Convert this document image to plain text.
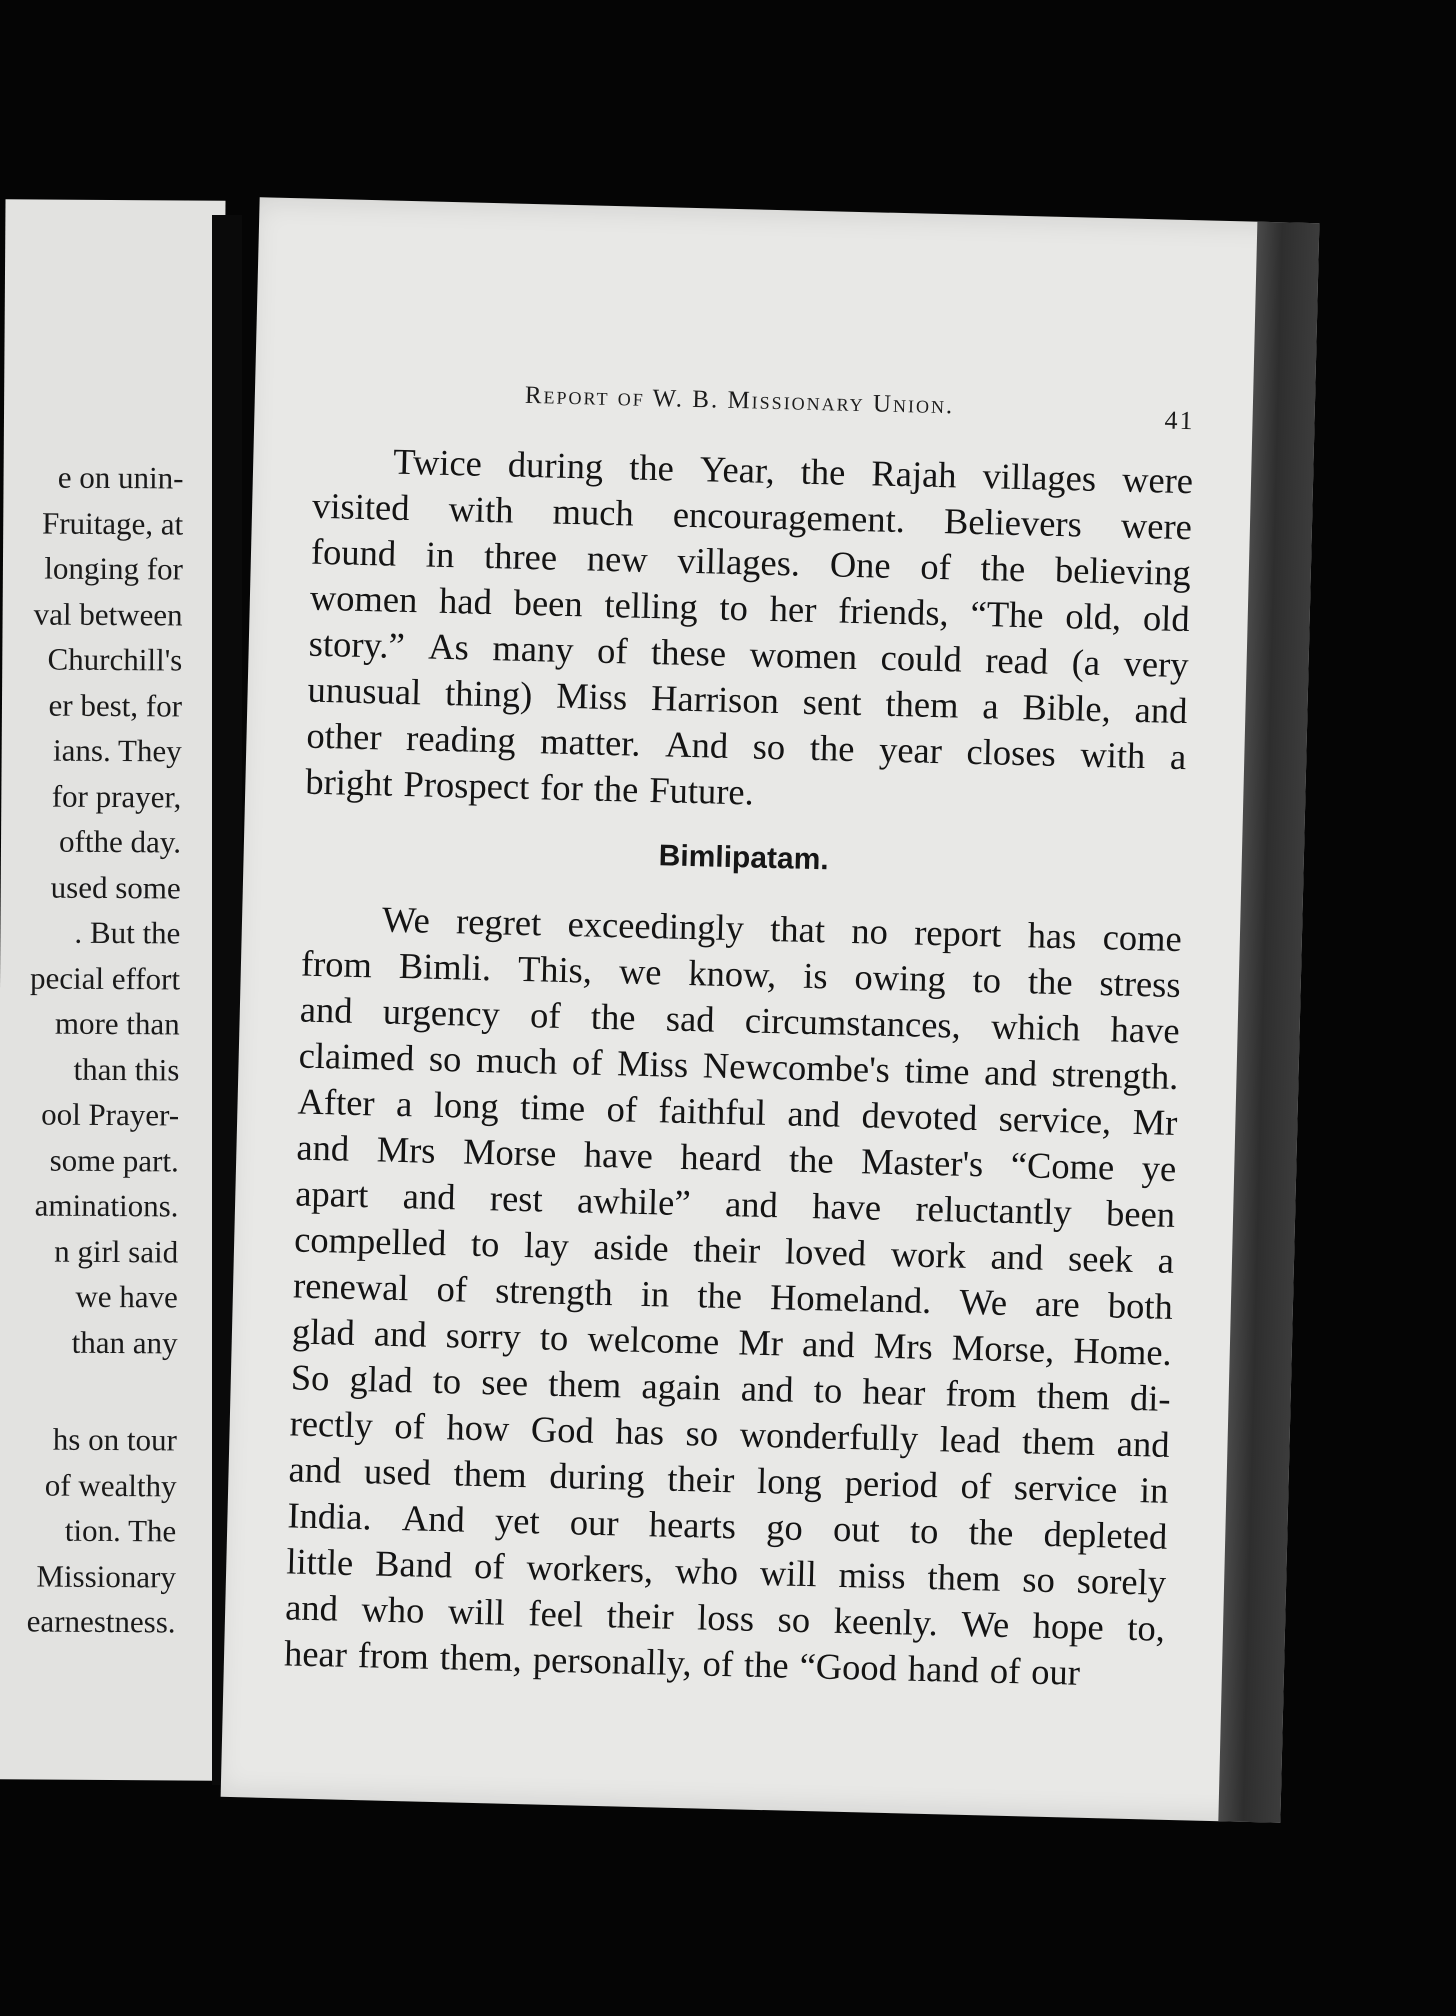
e on unin-
Fruitage, at
longing for
val between
Churchill's
er best, for
ians. They
for prayer,
ofthe day.
used some
. But the
pecial effort
more than
than this
ool Prayer-
some part.
aminations.
n girl said
we have
than any
hs on tour
of wealthy
tion. The
Missionary
earnestness.
Report of W. B. Missionary Union.
41
Twice during the Year, the Rajah villages were
visited with much encouragement. Believers were
found in three new villages. One of the believing
women had been telling to her friends, “The old, old
story.” As many of these women could read (a very
unusual thing) Miss Harrison sent them a Bible, and
other reading matter. And so the year closes with a
bright Prospect for the Future.
Bimlipatam.
We regret exceedingly that no report has come
from Bimli. This, we know, is owing to the stress
and urgency of the sad circumstances, which have
claimed so much of Miss Newcombe's time and strength.
After a long time of faithful and devoted service, Mr
and Mrs Morse have heard the Master's “Come ye
apart and rest awhile” and have reluctantly been
compelled to lay aside their loved work and seek a
renewal of strength in the Homeland. We are both
glad and sorry to welcome Mr and Mrs Morse, Home.
So glad to see them again and to hear from them di-
rectly of how God has so wonderfully lead them and
and used them during their long period of service in
India. And yet our hearts go out to the depleted
little Band of workers, who will miss them so sorely
and who will feel their loss so keenly. We hope to,
hear from them, personally, of the “Good hand of our
